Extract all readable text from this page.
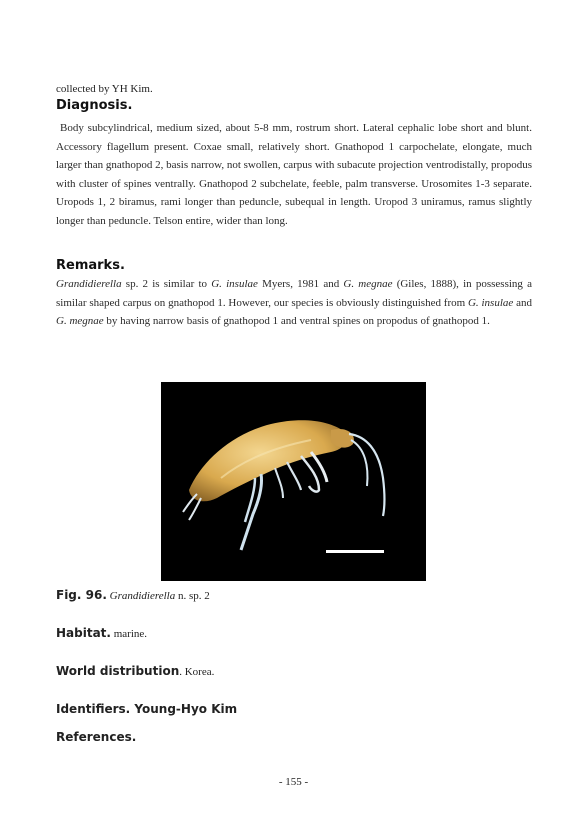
collected by YH Kim.
Diagnosis.
Body subcylindrical, medium sized, about 5-8 mm, rostrum short. Lateral cephalic lobe short and blunt. Accessory flagellum present. Coxae small, relatively short. Gnathopod 1 carpochelate, elongate, much larger than gnathopod 2, basis narrow, not swollen, carpus with subacute projection ventrodistally, propodus with cluster of spines ventrally. Gnathopod 2 subchelate, feeble, palm transverse. Urosomites 1-3 separate. Uropods 1, 2 biramus, rami longer than peduncle, subequal in length. Uropod 3 uniramus, ramus slightly longer than peduncle. Telson entire, wider than long.
Remarks.
Grandidierella sp. 2 is similar to G. insulae Myers, 1981 and G. megnae (Giles, 1888), in possessing a similar shaped carpus on gnathopod 1. However, our species is obviously distinguished from G. insulae and G. megnae by having narrow basis of gnathopod 1 and ventral spines on propodus of gnathopod 1.
Fig. 96. Grandidierella n. sp. 2
Habitat. marine.
World distribution. Korea.
Identifiers. Young-Hyo Kim
References.
- 155 -
